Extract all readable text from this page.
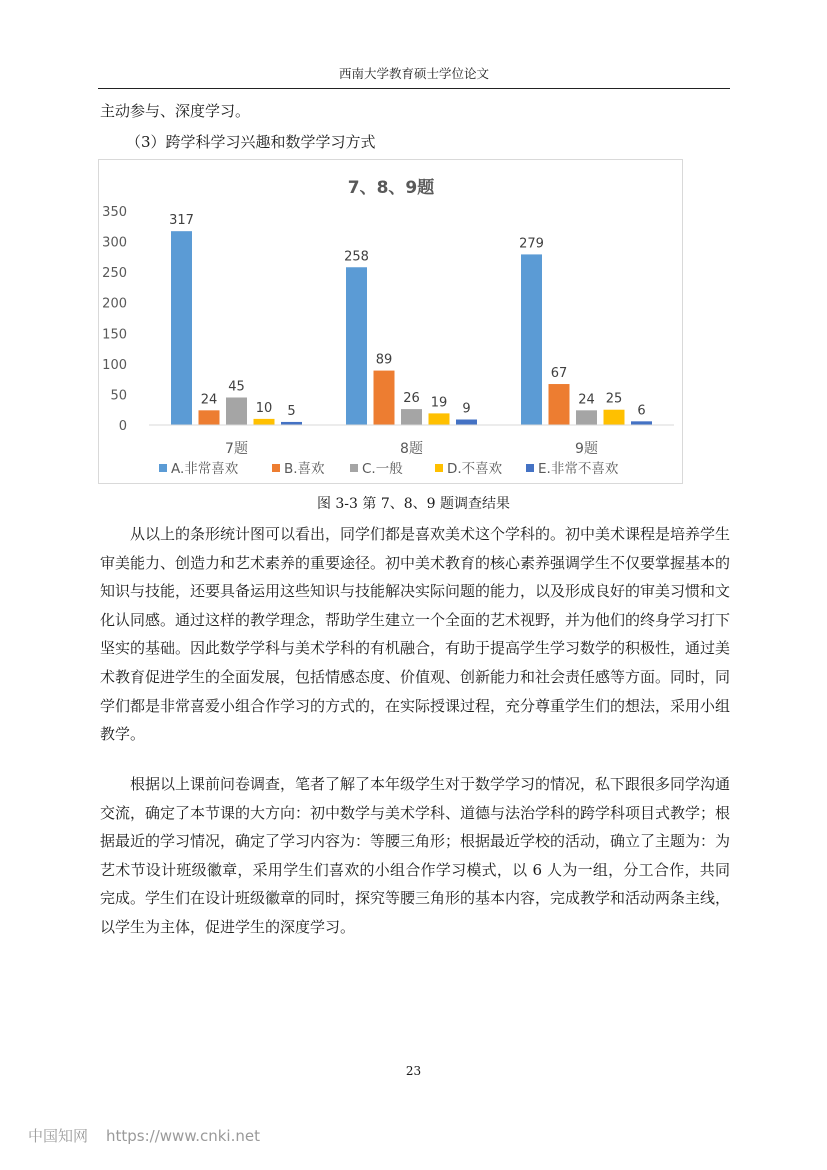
西南大学教育硕士学位论文

主动参与、深度学习。

（3）跨学科学习兴趣和数学学习方式

7、8、9题
0
50
100
150
200
250
300
350
317
24
45
10 5
258
89
26 19 9
279
67
24 25
6
7题	8题	9题
A.非常喜欢	B.喜欢	C.一般	D.不喜欢	E.非常不喜欢
图 3-3 第 7、8、9 题调查结果

从以上的条形统计图可以看出，同学们都是喜欢美术这个学科的。初中美术课程是培养学生审美能力、创造力和艺术素养的重要途径。初中美术教育的核心素养强调学生不仅要掌握基本的知识与技能，还要具备运用这些知识与技能解决实际问题的能力，以及形成良好的审美习惯和文化认同感。通过这样的教学理念，帮助学生建立一个全面的艺术视野，并为他们的终身学习打下坚实的基础。因此数学学科与美术学科的有机融合，有助于提高学生学习数学的积极性，通过美术教育促进学生的全面发展，包括情感态度、价值观、创新能力和社会责任感等方面。同时，同学们都是非常喜爱小组合作学习的方式的，在实际授课过程，充分尊重学生们的想法，采用小组教学。

根据以上课前问卷调查，笔者了解了本年级学生对于数学学习的情况，私下跟很多同学沟通交流，确定了本节课的大方向：初中数学与美术学科、道德与法治学科的跨学科项目式教学；根据最近的学习情况，确定了学习内容为：等腰三角形；根据最近学校的活动，确立了主题为：为艺术节设计班级徽章，采用学生们喜欢的小组合作学习模式，以 6 人为一组，分工合作，共同完成。学生们在设计班级徽章的同时，探究等腰三角形的基本内容，完成教学和活动两条主线，以学生为主体，促进学生的深度学习。

23
中国知网 https://www.cnki.net
